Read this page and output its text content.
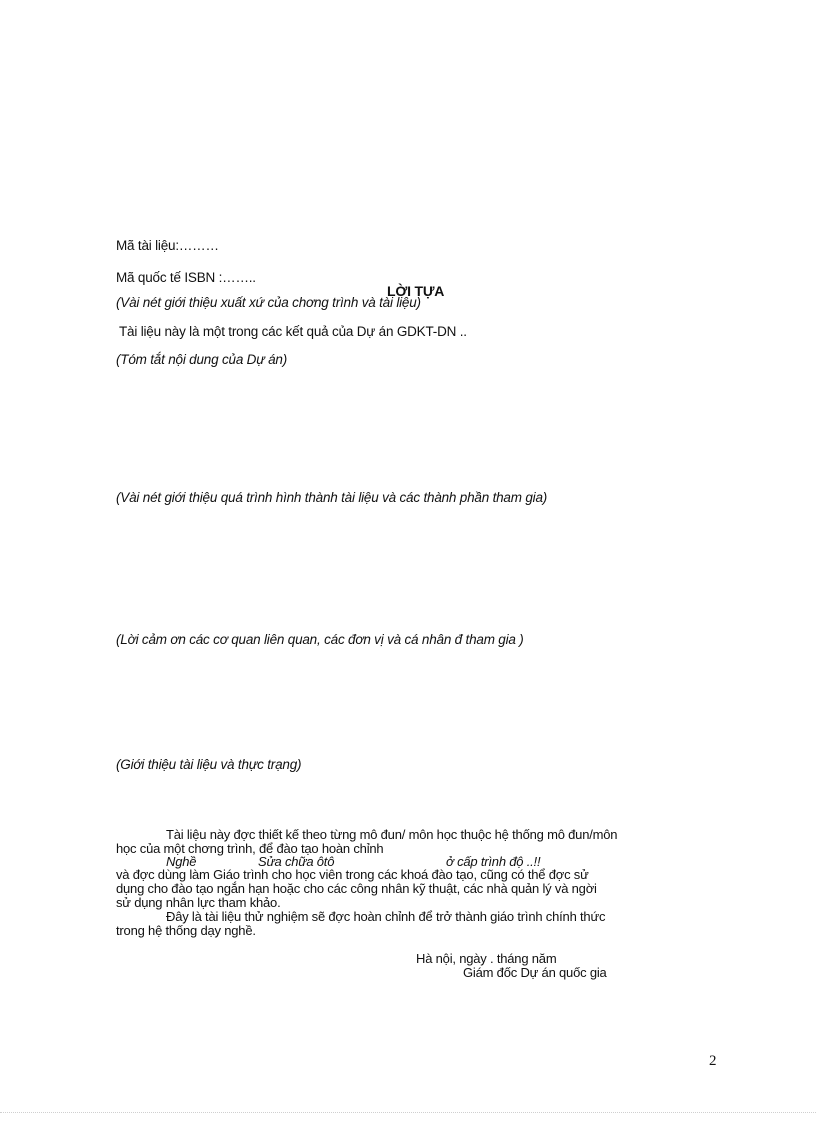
Mã tài liệu:………
Mã quốc tế ISBN :……..
LỜI TỰA
(Vài nét giới thiệu xuất xứ của chơng trình và tài liệu)
Tài liệu này là một trong các kết quả của Dự án GDKT-DN ..
(Tóm tắt nội dung của Dự án)
(Vài nét giới thiệu quá trình hình thành tài liệu và các thành phần tham gia)
(Lời cảm ơn các cơ quan liên quan, các đơn vị và cá nhân đ tham gia )
(Giới thiệu tài liệu và thực trạng)
Tài liệu này đợc thiết kế theo từng mô đun/ môn học thuộc hệ thống mô đun/môn
học của một chơng trình, để đào tạo hoàn chỉnh
Nghề	Sửa chữa ôtô	ở cấp trình độ ..!!
và đợc dùng làm Giáo trình cho học viên trong các khoá đào tạo, cũng có thể đợc sử
dụng cho đào tạo ngắn hạn hoặc cho các công nhân kỹ thuật, các nhà quản lý và ngời
sử dụng nhân lực tham khảo.
Đây là tài liệu thử nghiệm sẽ đợc hoàn chỉnh để trở thành giáo trình chính thức
trong hệ thống dạy nghề.
Hà nội, ngày . tháng năm
Giám đốc Dự án quốc gia
2
